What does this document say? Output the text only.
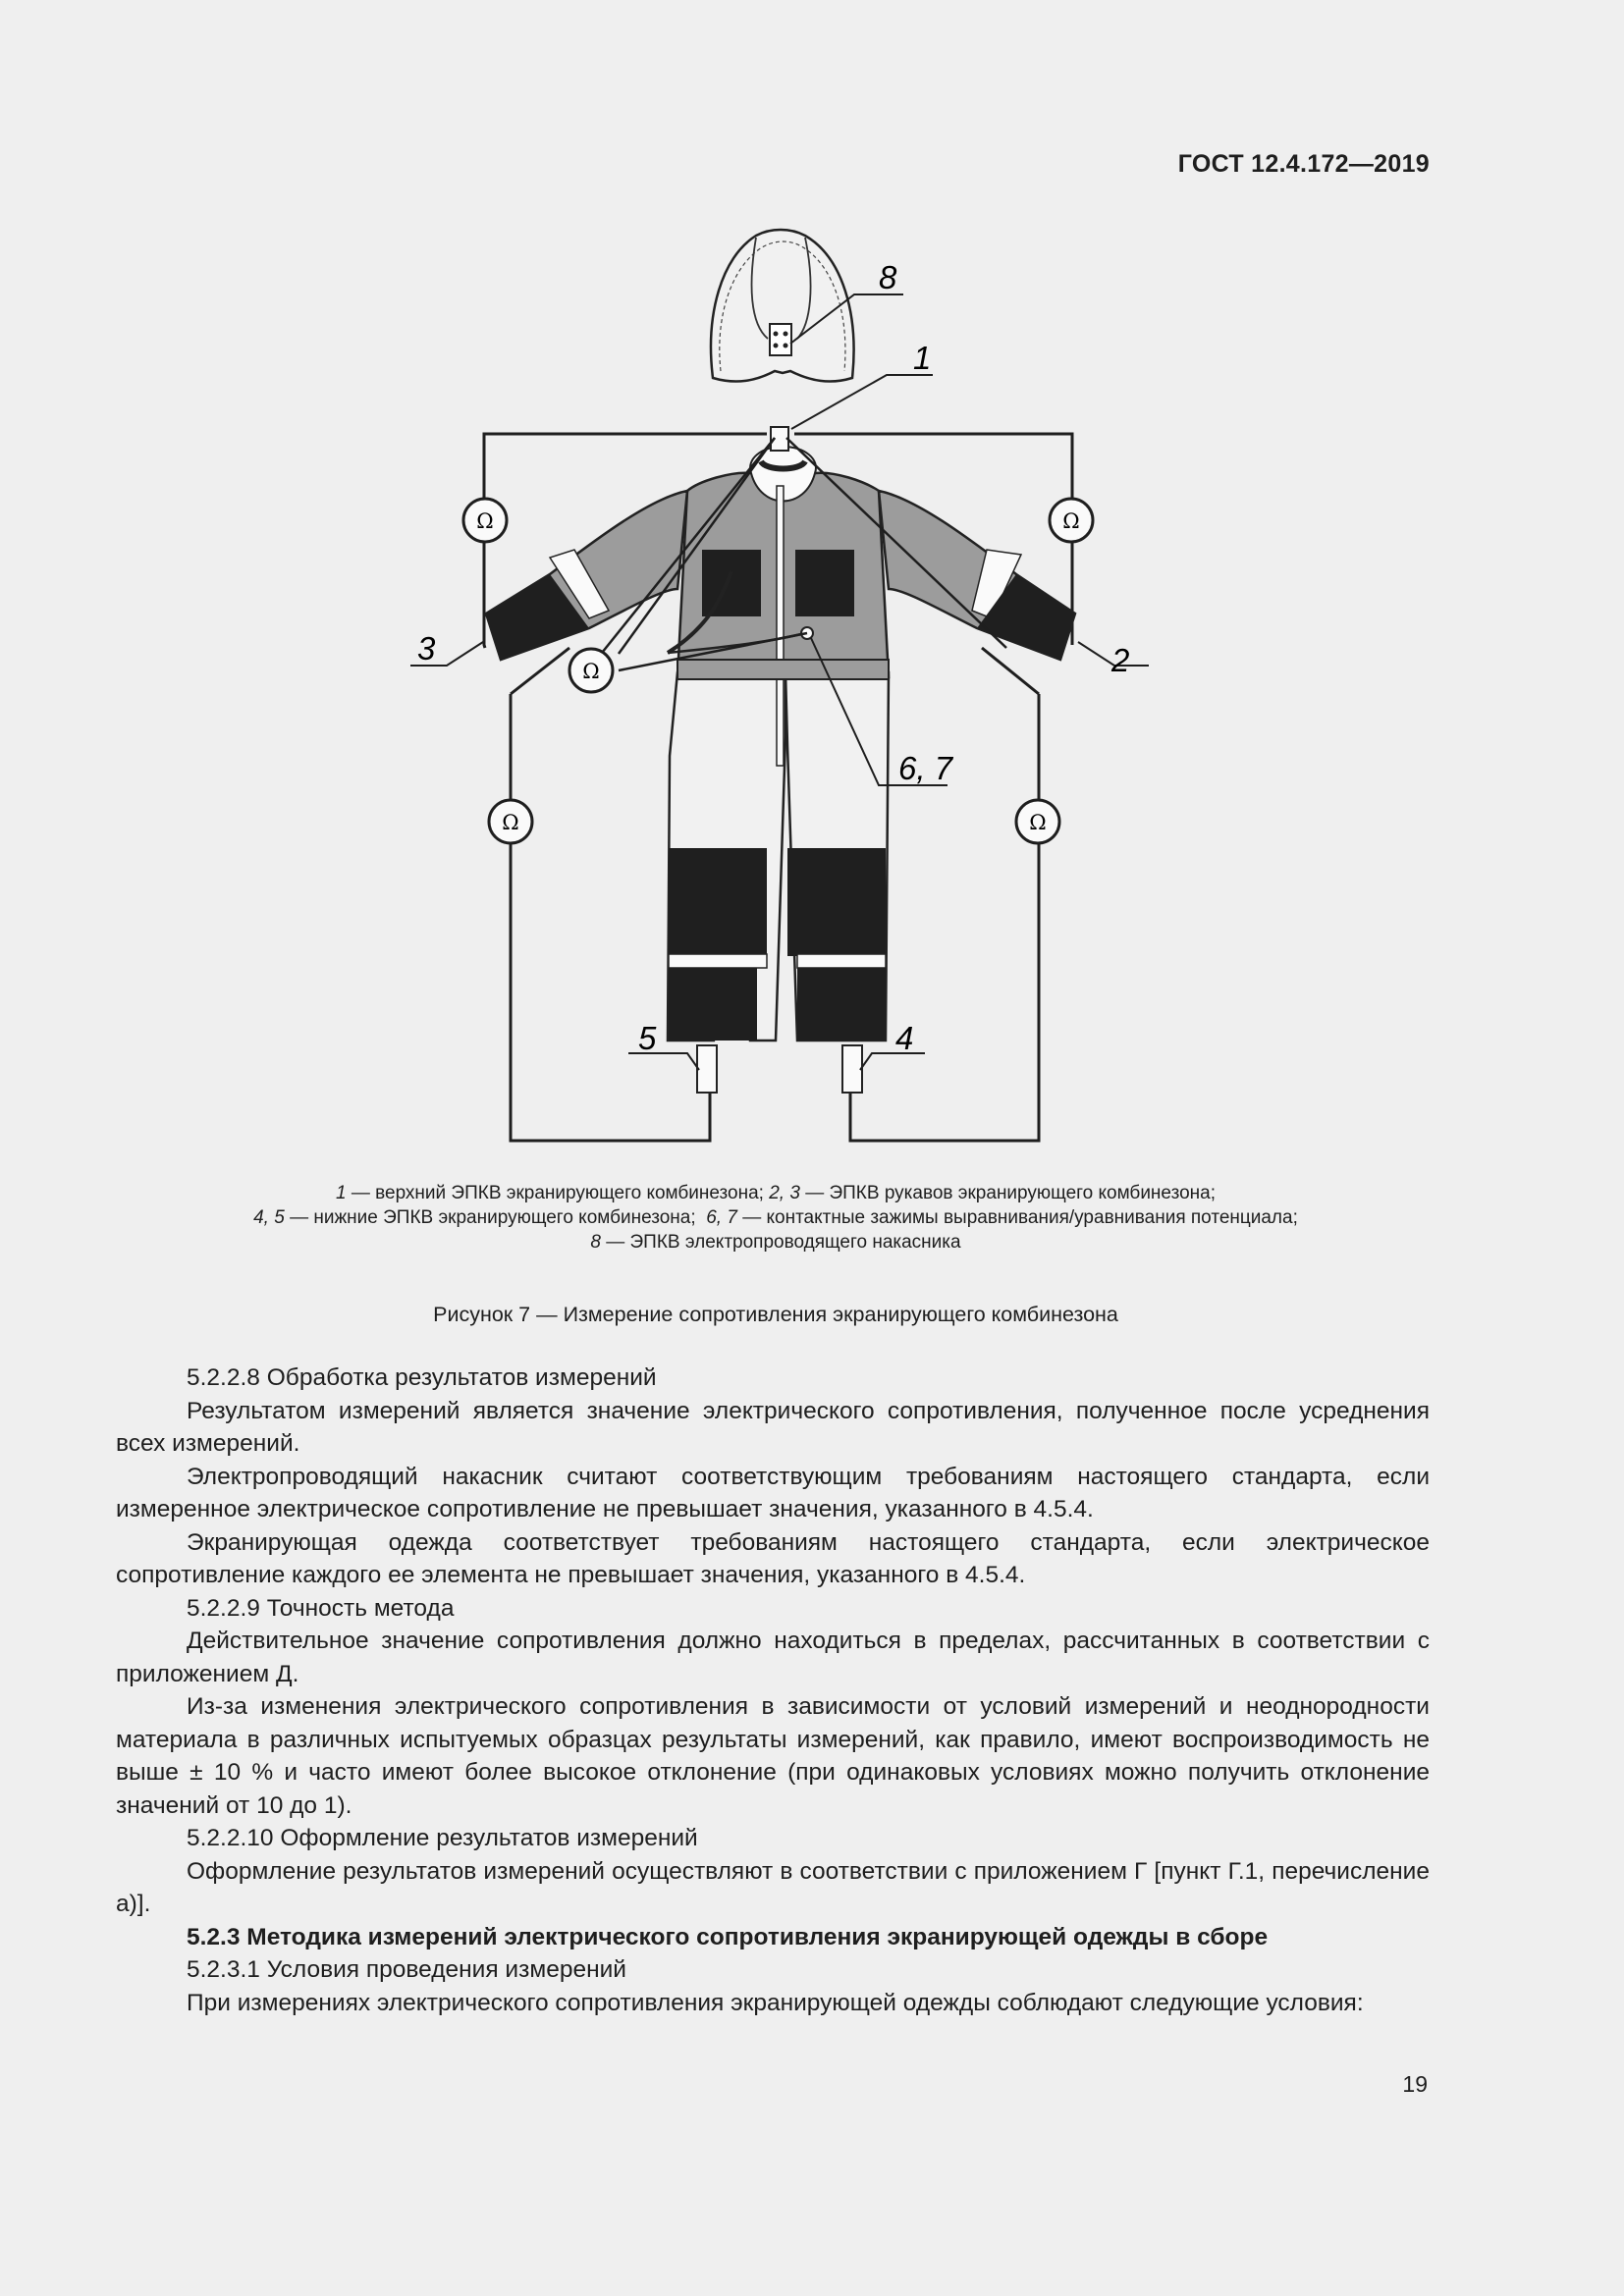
ГОСТ 12.4.172—2019
Ω	Ω
Ω
Ω	Ω
8
1
3	2
6, 7
5	4
1 — верхний ЭПКВ экранирующего комбинезона; 2, 3 — ЭПКВ рукавов экранирующего комбинезона;
4, 5 — нижние ЭПКВ экранирующего комбинезона;  6, 7 — контактные зажимы выравнивания/уравнивания потенциала;
8 — ЭПКВ электропроводящего накасника
Рисунок 7 — Измерение сопротивления экранирующего комбинезона

5.2.2.8 Обработка результатов измерений

Результатом измерений является значение электрического сопротивления, полученное после усреднения всех измерений.

Электропроводящий накасник считают соответствующим требованиям настоящего стандарта, если измеренное электрическое сопротивление не превышает значения, указанного в 4.5.4.

Экранирующая одежда соответствует требованиям настоящего стандарта, если электрическое сопротивление каждого ее элемента не превышает значения, указанного в 4.5.4.

5.2.2.9 Точность метода

Действительное значение сопротивления должно находиться в пределах, рассчитанных в соответствии с приложением Д.

Из-за изменения электрического сопротивления в зависимости от условий измерений и неоднородности материала в различных испытуемых образцах результаты измерений, как правило, имеют воспроизводимость не выше ± 10 % и часто имеют более высокое отклонение (при одинаковых условиях можно получить отклонение значений от 10 до 1).

5.2.2.10 Оформление результатов измерений

Оформление результатов измерений осуществляют в соответствии с приложением Г [пункт Г.1, перечисление а)].

5.2.3 Методика измерений электрического сопротивления экранирующей одежды в сборе

5.2.3.1 Условия проведения измерений

При измерениях электрического сопротивления экранирующей одежды соблюдают следующие условия:

19
